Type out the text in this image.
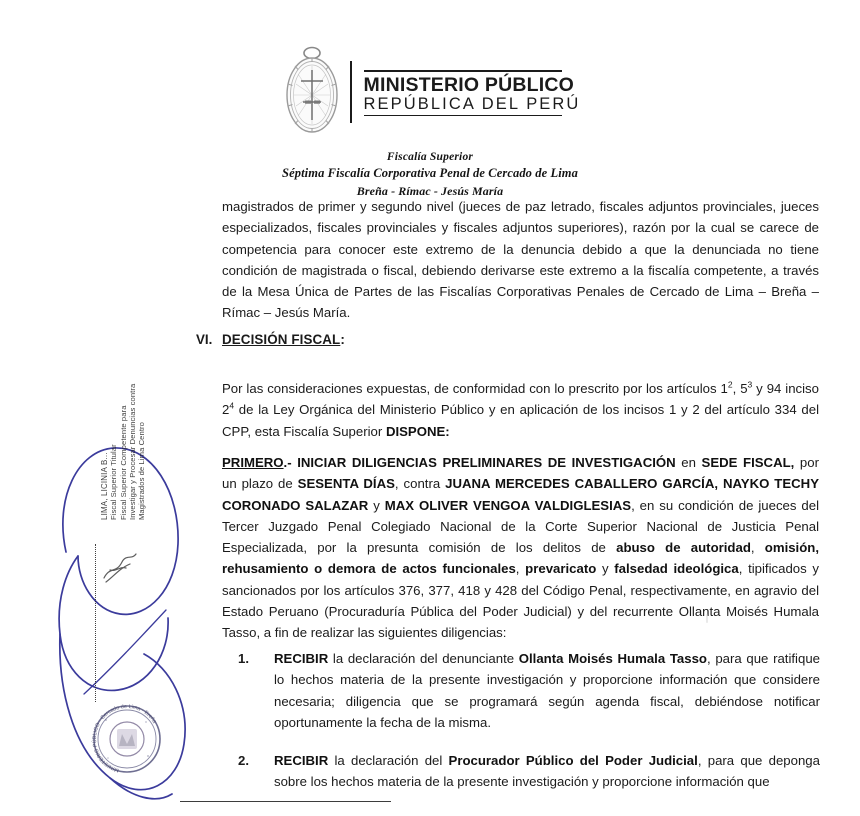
MINISTERIO PÚBLICO
REPÚBLICA DEL PERÚ
Fiscalía Superior
Séptima Fiscalía Corporativa Penal de Cercado de Lima
Breña - Rímac - Jesús María

magistrados de primer y segundo nivel (jueces de paz letrado, fiscales adjuntos provinciales, jueces especializados, fiscales provinciales y fiscales adjuntos superiores), razón por la cual se carece de competencia para conocer este extremo de la denuncia debido a que la denunciada no tiene condición de magistrada o fiscal, debiendo derivarse este extremo a la fiscalía competente, a través de la Mesa Única de Partes de las Fiscalías Corporativas Penales de Cercado de Lima – Breña – Rímac – Jesús María.

VI. DECISIÓN FISCAL:

Por las consideraciones expuestas, de conformidad con lo prescrito por los artículos $1^2$, $5^3$ y 94 inciso $2^4$ de la Ley Orgánica del Ministerio Público y en aplicación de los incisos 1 y 2 del artículo 334 del CPP, esta Fiscalía Superior DISPONE:

PRIMERO.- INICIAR DILIGENCIAS PRELIMINARES DE INVESTIGACIÓN en SEDE FISCAL, por un plazo de SESENTA DÍAS, contra JUANA MERCEDES CABALLERO GARCÍA, NAYKO TECHY CORONADO SALAZAR y MAX OLIVER VENGOA VALDIGLESIAS, en su condición de jueces del Tercer Juzgado Penal Colegiado Nacional de la Corte Superior Nacional de Justicia Penal Especializada, por la presunta comisión de los delitos de abuso de autoridad, omisión, rehusamiento o demora de actos funcionales, prevaricato y falsedad ideológica, tipificados y sancionados por los artículos 376, 377, 418 y 428 del Código Penal, respectivamente, en agravio del Estado Peruano (Procuraduría Pública del Poder Judicial) y del recurrente Ollanta Moisés Humala Tasso, a fin de realizar las siguientes diligencias:

1.	RECIBIR la declaración del denunciante Ollanta Moisés Humala Tasso, para que ratifique lo hechos materia de la presente investigación y proporcione información que considere necesaria; diligencia que se programará según agenda fiscal, debiéndose notificar oportunamente la fecha de la misma.
2.	RECIBIR la declaración del Procurador Público del Poder Judicial, para que deponga sobre los hechos materia de la presente investigación y proporcione información que
LIMA, LICINIA B... Fiscal Superior Titular Fiscal Superior Competente para Investigar y Procesar Denuncias contra Magistrados de Lima Centro
MINISTERIO PÚBLICO · Cercado de Lima · Breña
